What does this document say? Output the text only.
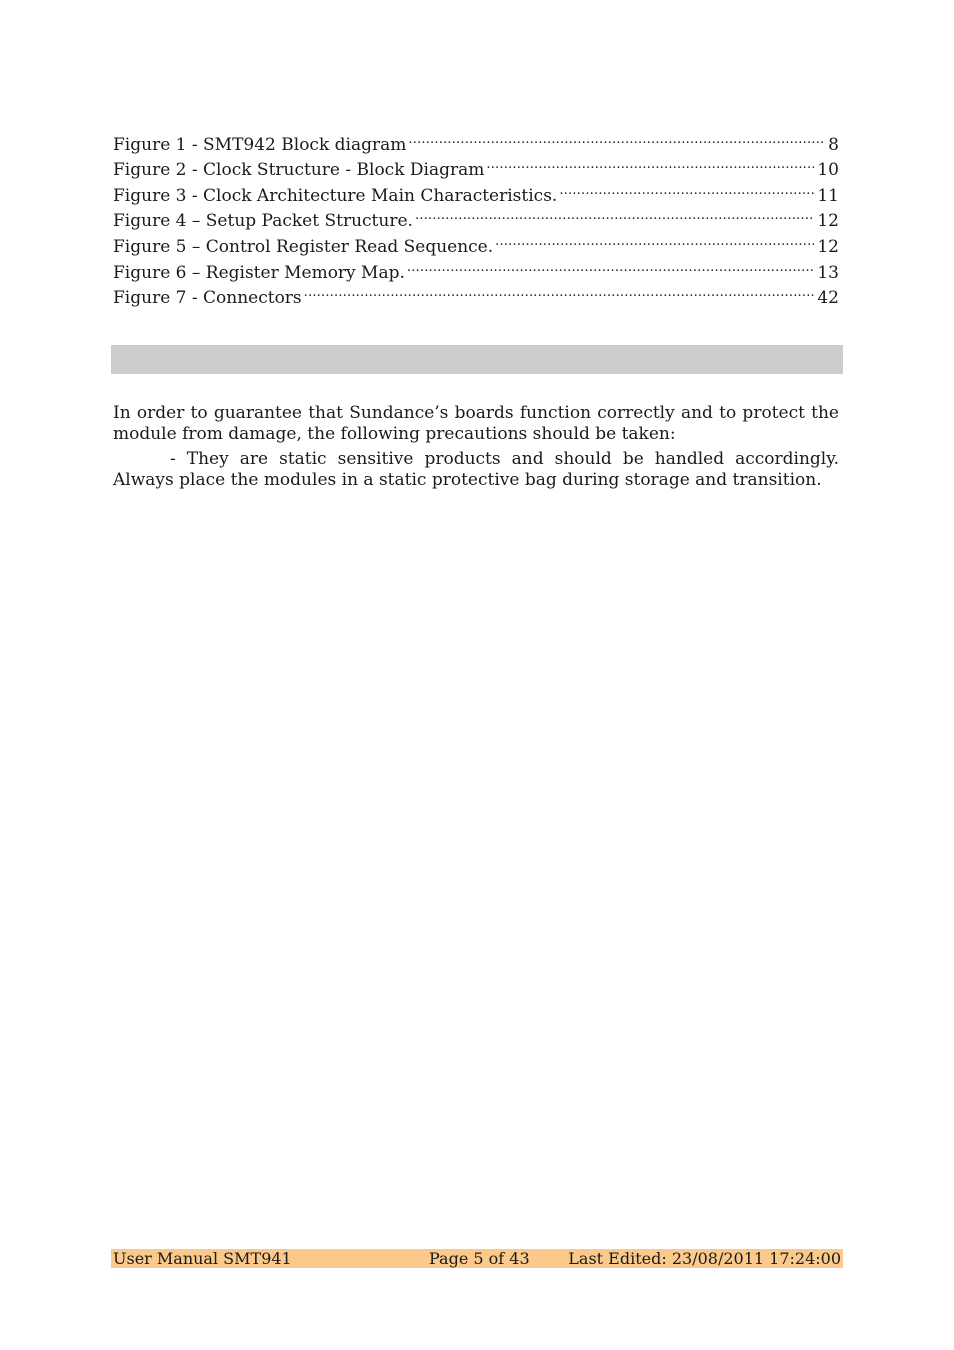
Figure 1 - SMT942 Block diagram .....	8
Figure 2 - Clock Structure - Block Diagram .....	10
Figure 3 - Clock Architecture Main Characteristics. .....	11
Figure 4 – Setup Packet Structure. .....	12
Figure 5 – Control Register Read Sequence. .....	12
Figure 6 – Register Memory Map. .....	13
Figure 7 - Connectors .....	42

In order to guarantee that Sundance’s boards function correctly and to protect the module from damage, the following precautions should be taken:

- They are static sensitive products and should be handled accordingly. Always place the modules in a static protective bag during storage and transition.

User Manual SMT941	Page 5 of 43 Last Edited: 23/08/2011 17:24:00
